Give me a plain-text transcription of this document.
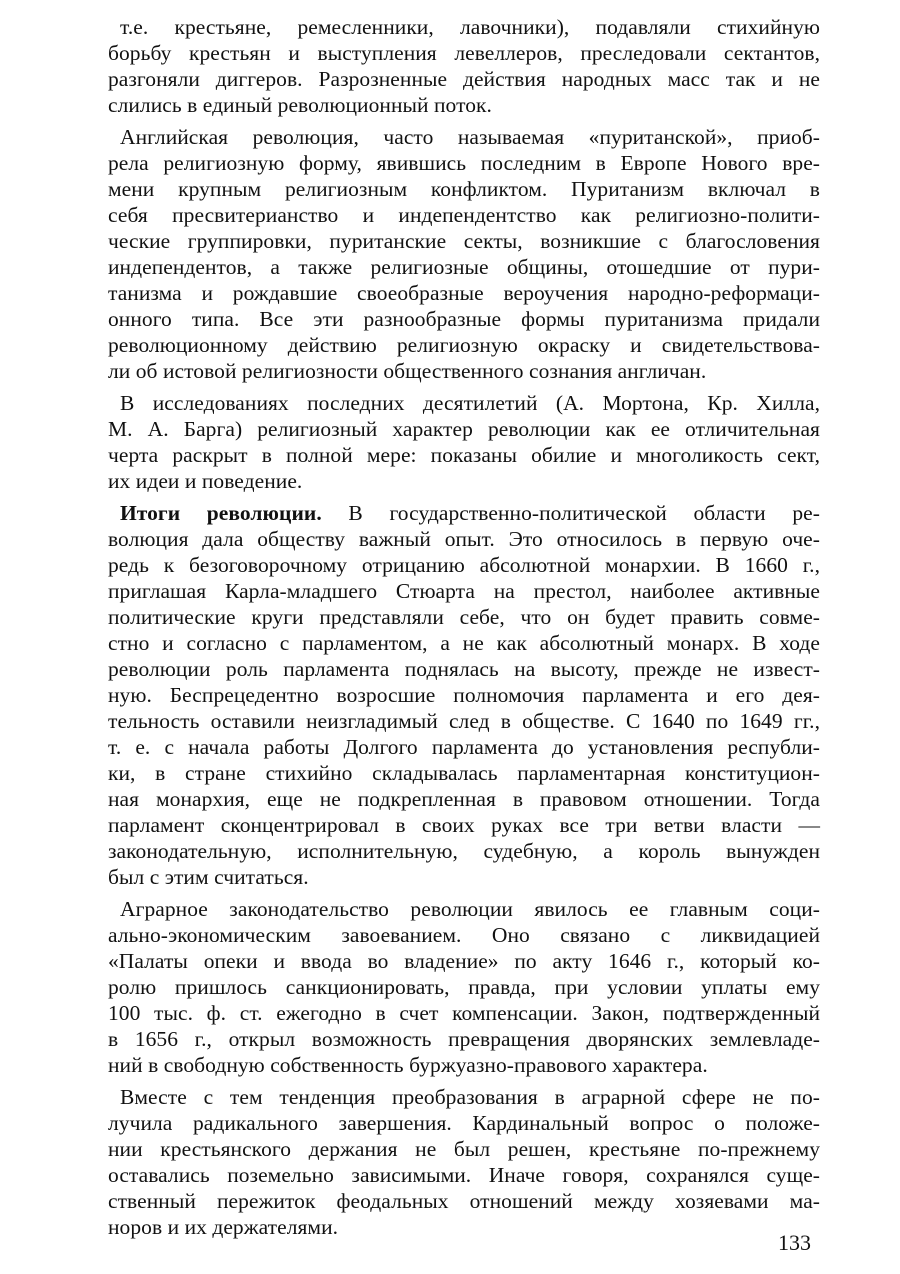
т.е. крестьяне, ремесленники, лавочники), подавляли стихийную
борьбу крестьян и выступления левеллеров, преследовали сектантов,
разгоняли диггеров. Разрозненные действия народных масс так и не
слились в единый революционный поток.
Английская революция, часто называемая «пуританской», приоб-
рела религиозную форму, явившись последним в Европе Нового вре-
мени крупным религиозным конфликтом. Пуританизм включал в
себя пресвитерианство и индепендентство как религиозно-полити-
ческие группировки, пуританские секты, возникшие с благословения
индепендентов, а также религиозные общины, отошедшие от пури-
танизма и рождавшие своеобразные вероучения народно-реформаци-
онного типа. Все эти разнообразные формы пуританизма придали
революционному действию религиозную окраску и свидетельствова-
ли об истовой религиозности общественного сознания англичан.
В исследованиях последних десятилетий (А. Мортона, Кр. Хилла,
М. А. Барга) религиозный характер революции как ее отличительная
черта раскрыт в полной мере: показаны обилие и многоликость сект,
их идеи и поведение.
Итоги революции. В государственно-политической области ре-
волюция дала обществу важный опыт. Это относилось в первую оче-
редь к безоговорочному отрицанию абсолютной монархии. В 1660 г.,
приглашая Карла-младшего Стюарта на престол, наиболее активные
политические круги представляли себе, что он будет править совме-
стно и согласно с парламентом, а не как абсолютный монарх. В ходе
революции роль парламента поднялась на высоту, прежде не извест-
ную. Беспрецедентно возросшие полномочия парламента и его дея-
тельность оставили неизгладимый след в обществе. С 1640 по 1649 гг.,
т. е. с начала работы Долгого парламента до установления республи-
ки, в стране стихийно складывалась парламентарная конституцион-
ная монархия, еще не подкрепленная в правовом отношении. Тогда
парламент сконцентрировал в своих руках все три ветви власти —
законодательную, исполнительную, судебную, а король вынужден
был с этим считаться.
Аграрное законодательство революции явилось ее главным соци-
ально-экономическим завоеванием. Оно связано с ликвидацией
«Палаты опеки и ввода во владение» по акту 1646 г., который ко-
ролю пришлось санкционировать, правда, при условии уплаты ему
100 тыс. ф. ст. ежегодно в счет компенсации. Закон, подтвержденный
в 1656 г., открыл возможность превращения дворянских землевладе-
ний в свободную собственность буржуазно-правового характера.
Вместе с тем тенденция преобразования в аграрной сфере не по-
лучила радикального завершения. Кардинальный вопрос о положе-
нии крестьянского держания не был решен, крестьяне по-прежнему
оставались поземельно зависимыми. Иначе говоря, сохранялся суще-
ственный пережиток феодальных отношений между хозяевами ма-
норов и их держателями.
133
